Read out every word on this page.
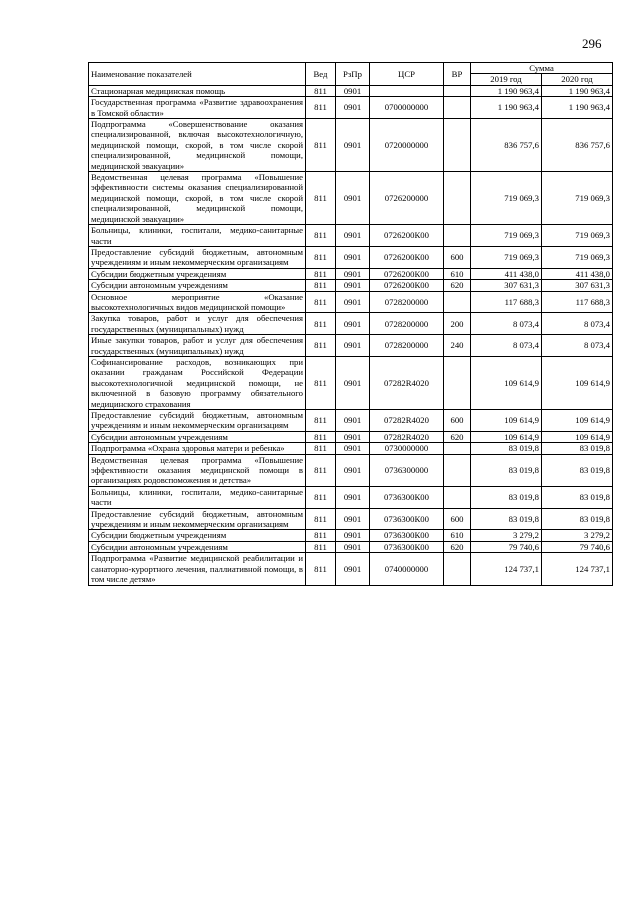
296
Наименование показателей	Вед	РзПр	ЦСР	ВР	Сумма	
					2019 год	2020 год
Стационарная медицинская помощь	811	0901			1 190 963,4	1 190 963,4
Государственная программа «Развитие здравоохранения в Томской области»	811	0901	0700000000		1 190 963,4	1 190 963,4
Подпрограмма «Совершенствование оказания специализированной, включая высокотехнологичную, медицинской помощи, скорой, в том числе скорой специализированной, медицинской помощи, медицинской эвакуации»	811	0901	0720000000		836 757,6	836 757,6
Ведомственная целевая программа «Повышение эффективности системы оказания специализированной медицинской помощи, скорой, в том числе скорой специализированной, медицинской помощи, медицинской эвакуации»	811	0901	0726200000		719 069,3	719 069,3
Больницы, клиники, госпитали, медико-санитарные части	811	0901	0726200К00		719 069,3	719 069,3
Предоставление субсидий бюджетным, автономным учреждениям и иным некоммерческим организациям	811	0901	0726200К00	600	719 069,3	719 069,3
Субсидии бюджетным учреждениям	811	0901	0726200К00	610	411 438,0	411 438,0
Субсидии автономным учреждениям	811	0901	0726200К00	620	307 631,3	307 631,3
Основное мероприятие «Оказание высокотехнологичных видов медицинской помощи»	811	0901	0728200000		117 688,3	117 688,3
Закупка товаров, работ и услуг для обеспечения государственных (муниципальных) нужд	811	0901	0728200000	200	8 073,4	8 073,4
Иные закупки товаров, работ и услуг для обеспечения государственных (муниципальных) нужд	811	0901	0728200000	240	8 073,4	8 073,4
Софинансирование расходов, возникающих при оказании гражданам Российской Федерации высокотехнологичной медицинской помощи, не включенной в базовую программу обязательного медицинского страхования	811	0901	07282R4020		109 614,9	109 614,9
Предоставление субсидий бюджетным, автономным учреждениям и иным некоммерческим организациям	811	0901	07282R4020	600	109 614,9	109 614,9
Субсидии автономным учреждениям	811	0901	07282R4020	620	109 614,9	109 614,9
Подпрограмма «Охрана здоровья матери и ребенка»	811	0901	0730000000		83 019,8	83 019,8
Ведомственная целевая программа «Повышение эффективности оказания медицинской помощи в организациях родовспоможения и детства»	811	0901	0736300000		83 019,8	83 019,8
Больницы, клиники, госпитали, медико-санитарные части	811	0901	0736300К00		83 019,8	83 019,8
Предоставление субсидий бюджетным, автономным учреждениям и иным некоммерческим организациям	811	0901	0736300К00	600	83 019,8	83 019,8
Субсидии бюджетным учреждениям	811	0901	0736300К00	610	3 279,2	3 279,2
Субсидии автономным учреждениям	811	0901	0736300К00	620	79 740,6	79 740,6
Подпрограмма «Развитие медицинской реабилитации и санаторно-курортного лечения, паллиативной помощи, в том числе детям»	811	0901	0740000000		124 737,1	124 737,1
